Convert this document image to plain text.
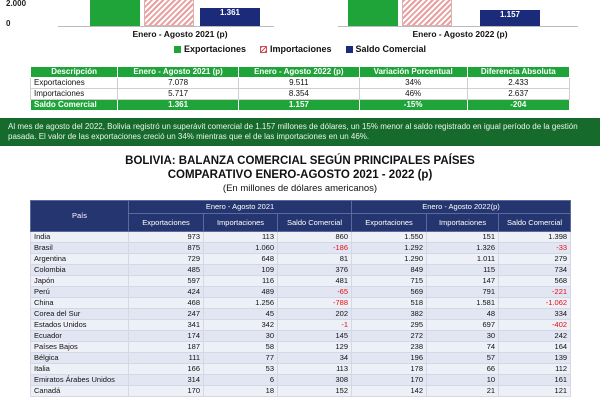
2.000
0
1.361	1.157
Enero - Agosto 2021 (p)	Enero - Agosto 2022 (p)
Exportaciones	Importaciones	Saldo Comercial
Descripción	Enero - Agosto 2021 (p)	Enero - Agosto 2022 (p)	Variación Porcentual	Diferencia Absoluta
Exportaciones	7.078	9.511	34%	2.433
Importaciones	5.717	8.354	46%	2.637
Saldo Comercial	1.361	1.157	-15%	-204
Al mes de agosto del 2022, Bolivia registró un superávit comercial de 1.157 millones de dólares, un 15% menor al saldo registrado en igual período de la gestión pasada. El valor de las exportaciones creció un 34% mientras que el de las importaciones en un 46%.
BOLIVIA: BALANZA COMERCIAL SEGÚN PRINCIPALES PAÍSES
COMPARATIVO ENERO-AGOSTO 2021 - 2022 (p)
(En millones de dólares americanos)
País	Enero - Agosto 2021			Enero - Agosto 2022(p)		
	Exportaciones	Importaciones	Saldo Comercial	Exportaciones	Importaciones	Saldo Comercial
India	973	113	860	1.550	151	1.398
Brasil	875	1.060	-186	1.292	1.326	-33
Argentina	729	648	81	1.290	1.011	279
Colombia	485	109	376	849	115	734
Japón	597	116	481	715	147	568
Perú	424	489	-65	569	791	-221
China	468	1.256	-788	518	1.581	-1.062
Corea del Sur	247	45	202	382	48	334
Estados Unidos	341	342	-1	295	697	-402
Ecuador	174	30	145	272	30	242
Países Bajos	187	58	129	238	74	164
Bélgica	111	77	34	196	57	139
Italia	166	53	113	178	66	112
Emiratos Árabes Unidos	314	6	308	170	10	161
Canadá	170	18	152	142	21	121
